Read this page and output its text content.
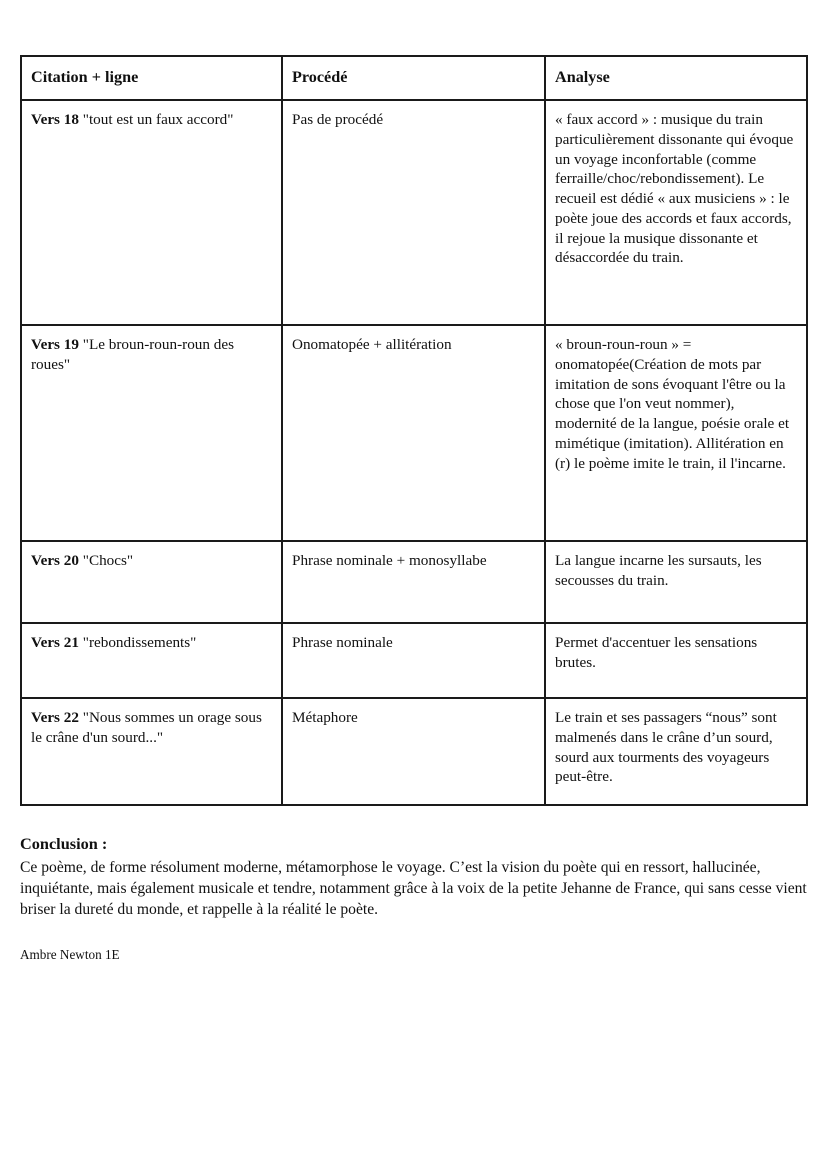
Citation + ligne	Procédé	Analyse
Vers 18 "tout est un faux accord"	Pas de procédé	« faux accord » : musique du train particulièrement dissonante qui évoque un voyage inconfortable (comme ferraille/choc/rebondissement). Le recueil est dédié « aux musiciens » : le poète joue des accords et faux accords, il rejoue la musique dissonante et désaccordée du train.
Vers 19 "Le broun-roun-roun des roues"	Onomatopée + allitération	« broun-roun-roun » = onomatopée(Création de mots par imitation de sons évoquant l'être ou la chose que l'on veut nommer), modernité de la langue, poésie orale et mimétique (imitation). Allitération en (r) le poème imite le train, il l'incarne.
Vers 20 "Chocs"	Phrase nominale + monosyllabe	La langue incarne les sursauts, les secousses du train.
Vers 21 "rebondissements"	Phrase nominale	Permet d'accentuer les sensations brutes.
Vers 22 "Nous sommes un orage sous le crâne d'un sourd..."	Métaphore	Le train et ses passagers “nous” sont malmenés dans le crâne d’un sourd, sourd aux tourments des voyageurs peut-être.

Conclusion :

Ce poème, de forme résolument moderne, métamorphose le voyage. C’est la vision du poète qui en ressort, hallucinée, inquiétante, mais également musicale et tendre, notamment grâce à la voix de la petite Jehanne de France, qui sans cesse vient briser la dureté du monde, et rappelle à la réalité le poète.

Ambre Newton 1E
